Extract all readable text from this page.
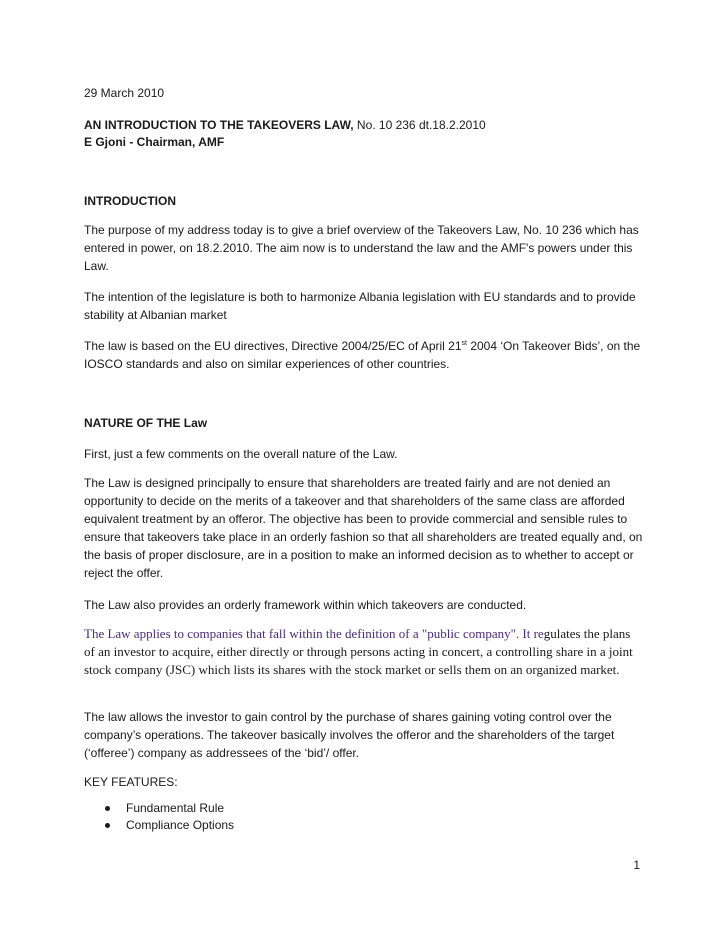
29 March 2010

AN INTRODUCTION TO THE TAKEOVERS LAW, No. 10 236 dt.18.2.2010

E Gjoni - Chairman, AMF

INTRODUCTION

The purpose of my address today is to give a brief overview of the Takeovers Law, No. 10 236 which has entered in power, on 18.2.2010. The aim now is to understand the law and the AMF's powers under this Law.

The intention of the legislature is both to harmonize Albania legislation with EU standards and to provide stability at Albanian market

The law is based on the EU directives, Directive 2004/25/EC of April 21st 2004 ‘On Takeover Bids’, on the IOSCO standards and also on similar experiences of other countries.

NATURE OF THE Law

First, just a few comments on the overall nature of the Law.

The Law is designed principally to ensure that shareholders are treated fairly and are not denied an opportunity to decide on the merits of a takeover and that shareholders of the same class are afforded equivalent treatment by an offeror. The objective has been to provide commercial and sensible rules to ensure that takeovers take place in an orderly fashion so that all shareholders are treated equally and, on the basis of proper disclosure, are in a position to make an informed decision as to whether to accept or reject the offer.

The Law also provides an orderly framework within which takeovers are conducted.

The Law applies to companies that fall within the definition of a "public company". It regulates the plans of an investor to acquire, either directly or through persons acting in concert, a controlling share in a joint stock company (JSC) which lists its shares with the stock market or sells them on an organized market.

The law allows the investor to gain control by the purchase of shares gaining voting control over the company’s operations. The takeover basically involves the offeror and the shareholders of the target (‘offeree’) company as addressees of the ‘bid’/ offer.

KEY FEATURES:

Fundamental Rule
Compliance Options
1
